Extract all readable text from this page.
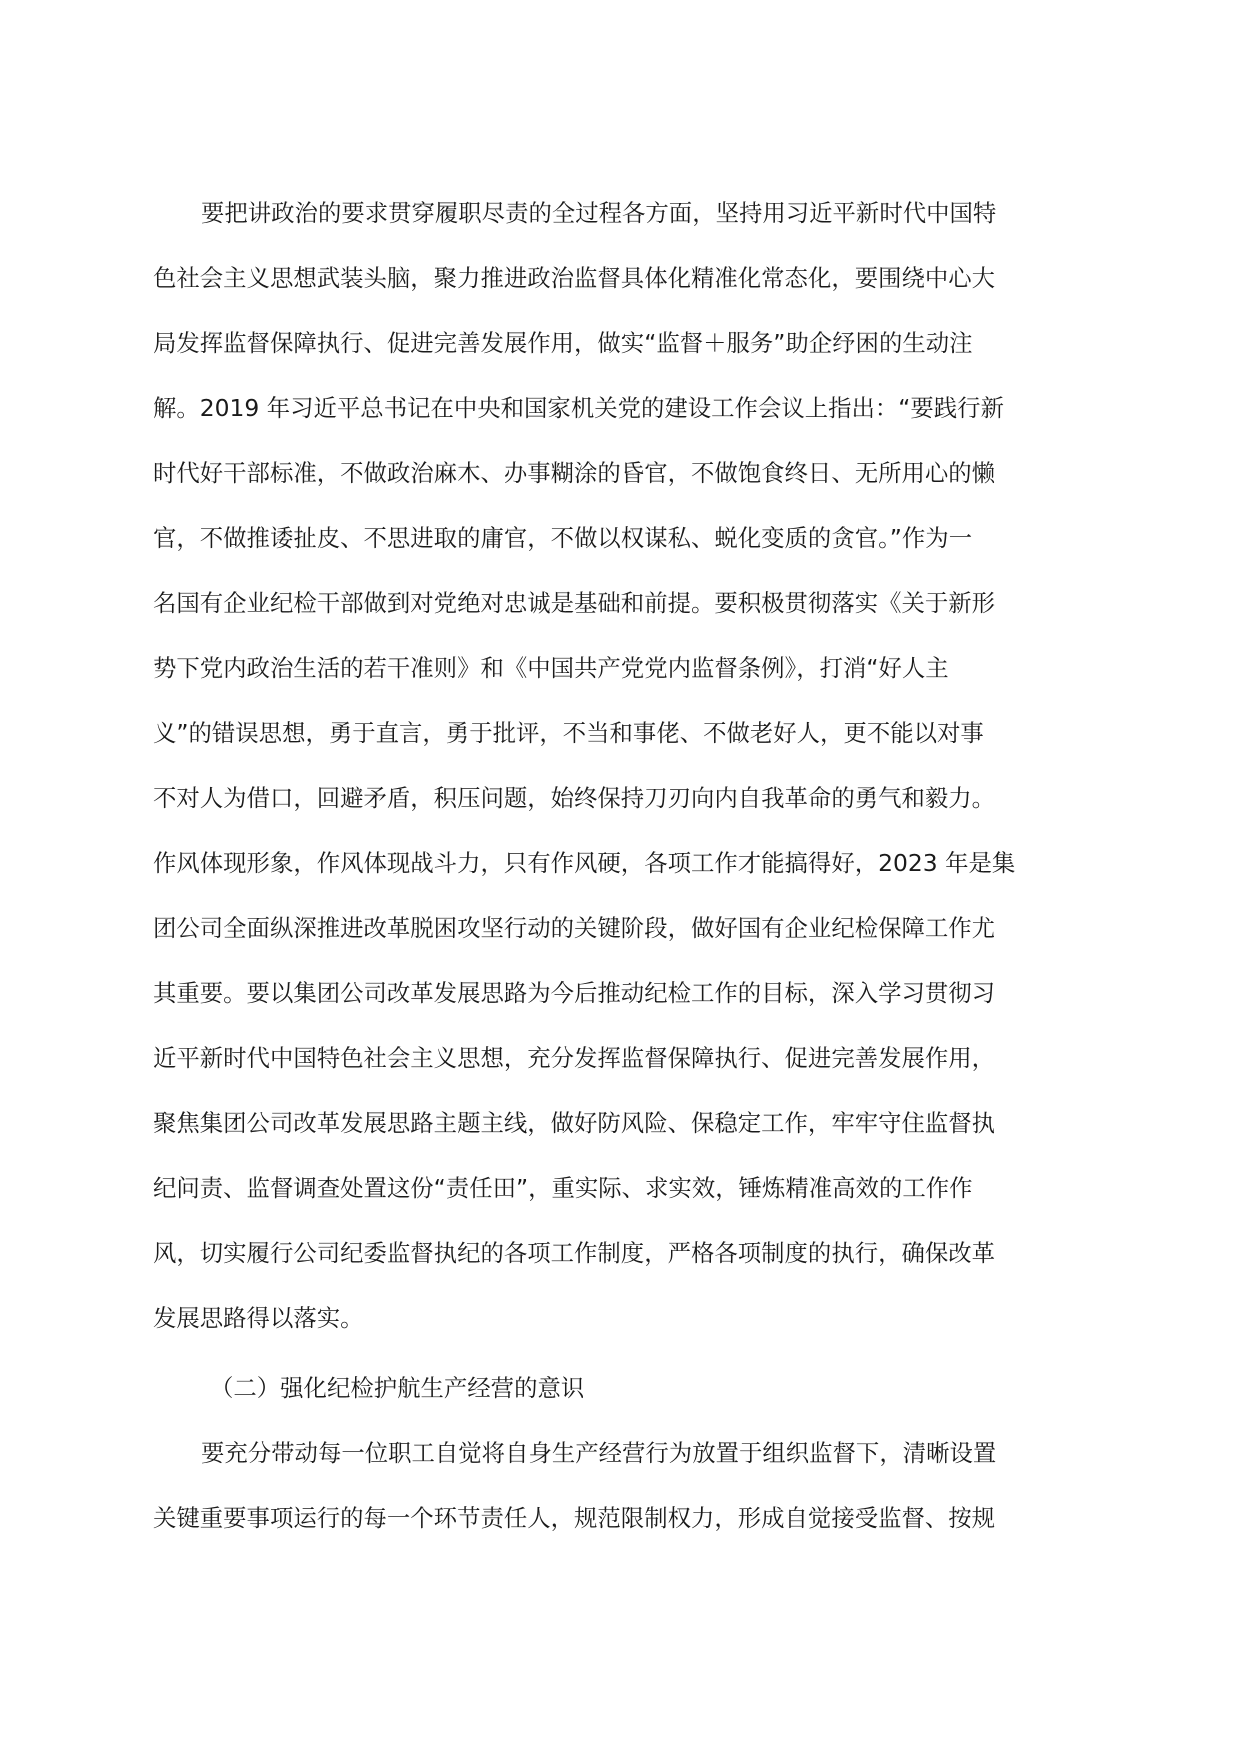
要把讲政治的要求贯穿履职尽责的全过程各方面，坚持用习近平新时代中国特
色社会主义思想武装头脑，聚力推进政治监督具体化精准化常态化，要围绕中心大
局发挥监督保障执行、促进完善发展作用，做实“监督＋服务”助企纾困的生动注
解。2019 年习近平总书记在中央和国家机关党的建设工作会议上指出：“要践行新
时代好干部标准，不做政治麻木、办事糊涂的昏官，不做饱食终日、无所用心的懒
官，不做推诿扯皮、不思进取的庸官，不做以权谋私、蜕化变质的贪官。”作为一
名国有企业纪检干部做到对党绝对忠诚是基础和前提。要积极贯彻落实《关于新形
势下党内政治生活的若干准则》和《中国共产党党内监督条例》，打消“好人主
义”的错误思想，勇于直言，勇于批评，不当和事佬、不做老好人，更不能以对事
不对人为借口，回避矛盾，积压问题，始终保持刀刃向内自我革命的勇气和毅力。
作风体现形象，作风体现战斗力，只有作风硬，各项工作才能搞得好，2023 年是集
团公司全面纵深推进改革脱困攻坚行动的关键阶段，做好国有企业纪检保障工作尤
其重要。要以集团公司改革发展思路为今后推动纪检工作的目标，深入学习贯彻习
近平新时代中国特色社会主义思想，充分发挥监督保障执行、促进完善发展作用，
聚焦集团公司改革发展思路主题主线，做好防风险、保稳定工作，牢牢守住监督执
纪问责、监督调查处置这份“责任田”，重实际、求实效，锤炼精准高效的工作作
风，切实履行公司纪委监督执纪的各项工作制度，严格各项制度的执行，确保改革
发展思路得以落实。
（二）强化纪检护航生产经营的意识
要充分带动每一位职工自觉将自身生产经营行为放置于组织监督下，清晰设置
关键重要事项运行的每一个环节责任人，规范限制权力，形成自觉接受监督、按规
